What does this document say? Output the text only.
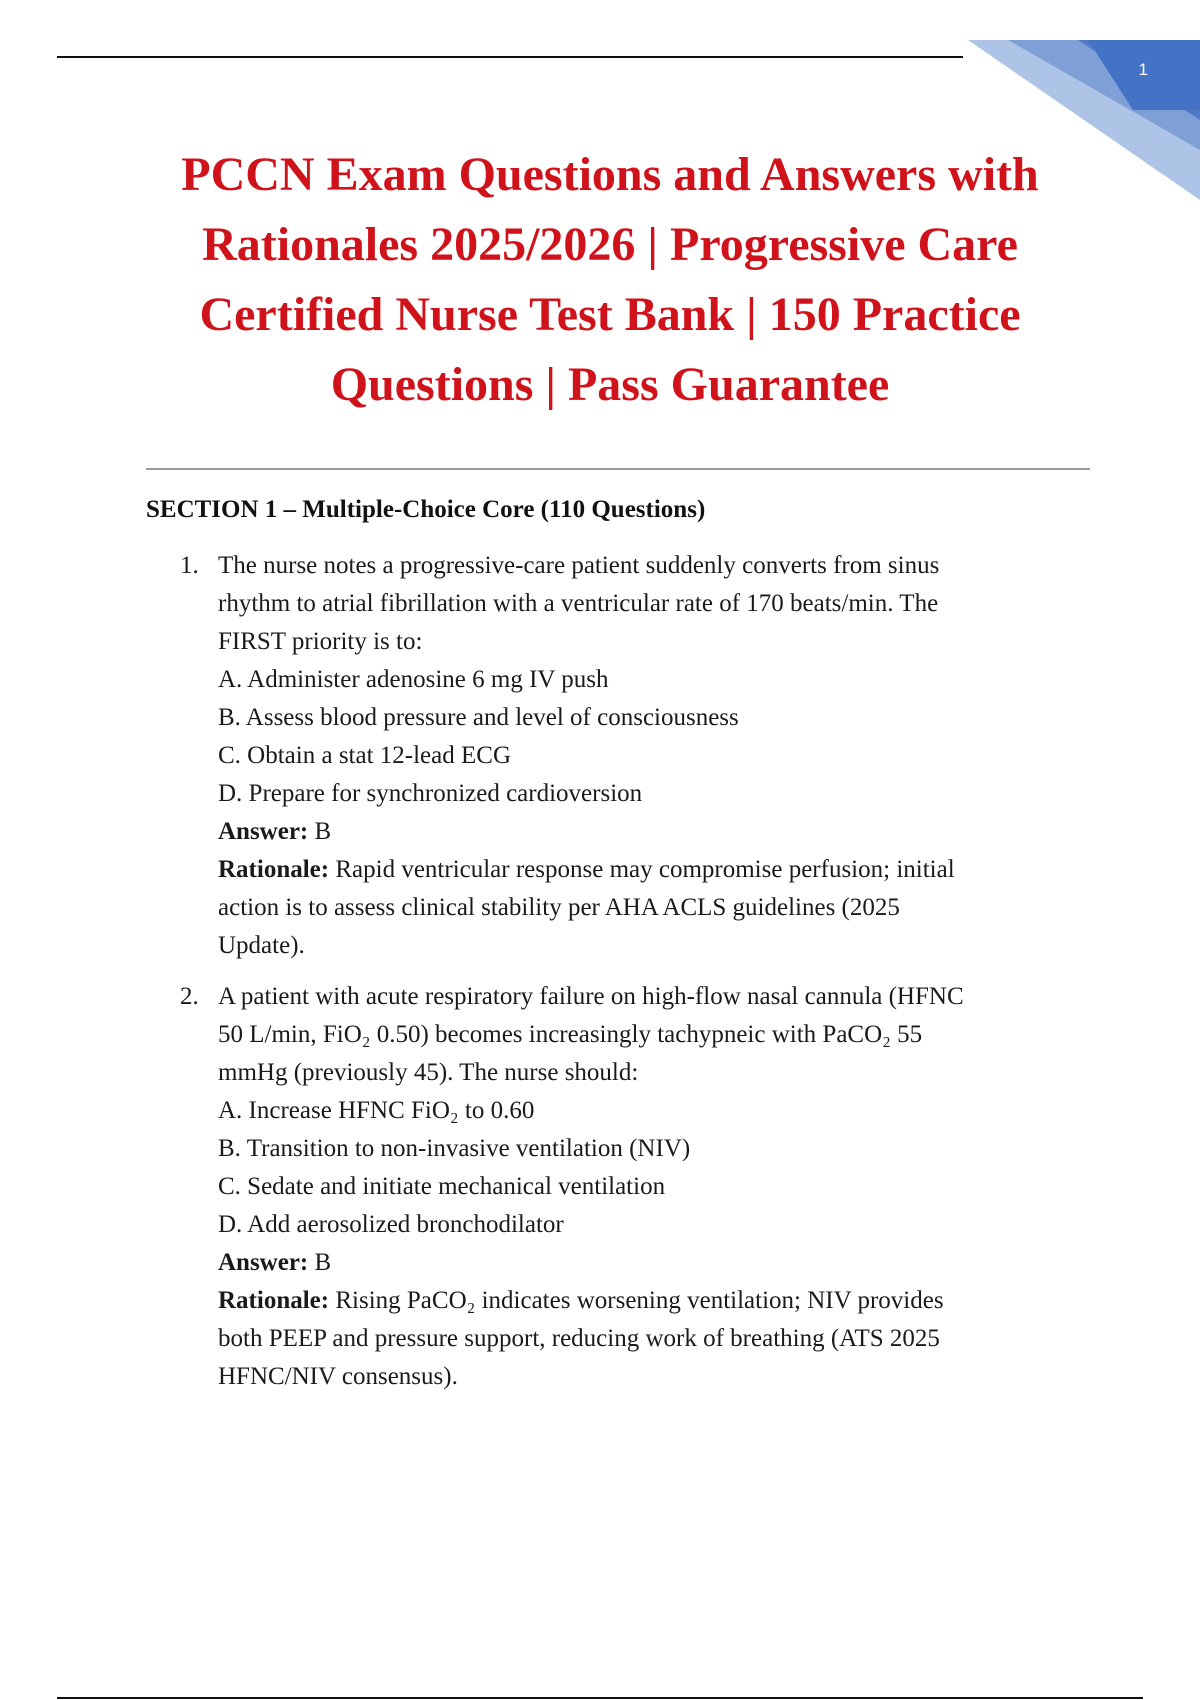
1
PCCN Exam Questions and Answers with Rationales 2025/2026 | Progressive Care Certified Nurse Test Bank | 150 Practice Questions | Pass Guarantee
SECTION 1 – Multiple-Choice Core (110 Questions)
1. The nurse notes a progressive-care patient suddenly converts from sinus
rhythm to atrial fibrillation with a ventricular rate of 170 beats/min. The
FIRST priority is to:
A. Administer adenosine 6 mg IV push
B. Assess blood pressure and level of consciousness
C. Obtain a stat 12-lead ECG
D. Prepare for synchronized cardioversion
Answer: B
Rationale: Rapid ventricular response may compromise perfusion; initial
action is to assess clinical stability per AHA ACLS guidelines (2025
Update).
2. A patient with acute respiratory failure on high-flow nasal cannula (HFNC
50 L/min, FiO₂ 0.50) becomes increasingly tachypneic with PaCO₂ 55
mmHg (previously 45). The nurse should:
A. Increase HFNC FiO₂ to 0.60
B. Transition to non-invasive ventilation (NIV)
C. Sedate and initiate mechanical ventilation
D. Add aerosolized bronchodilator
Answer: B
Rationale: Rising PaCO₂ indicates worsening ventilation; NIV provides
both PEEP and pressure support, reducing work of breathing (ATS 2025
HFNC/NIV consensus).
